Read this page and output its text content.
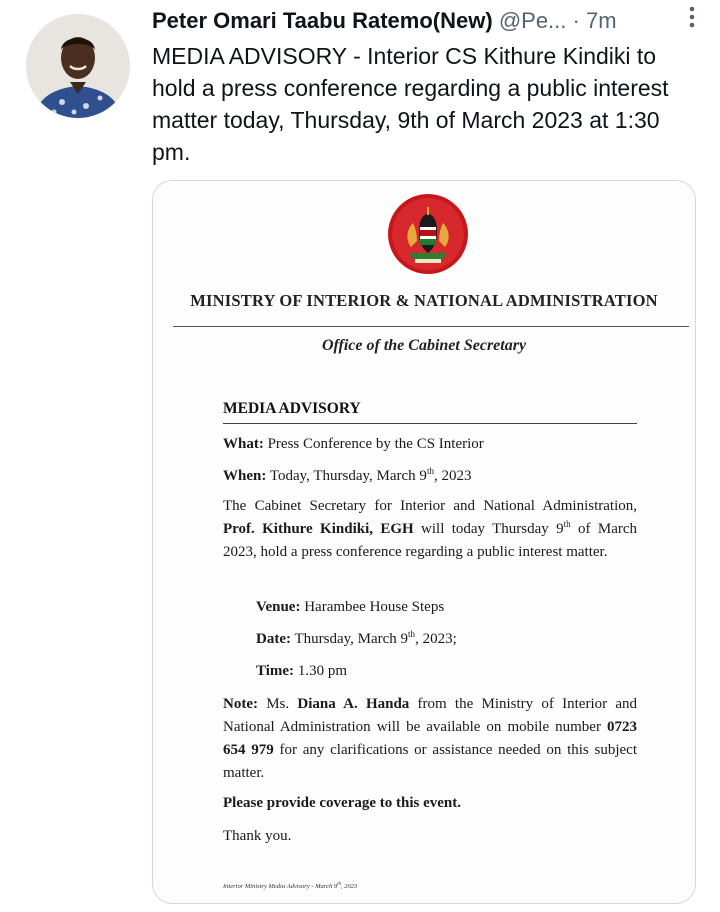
Peter Omari Taabu Ratemo(New) @Pe... · 7m
MEDIA ADVISORY - Interior CS Kithure Kindiki to hold a press conference regarding a public interest matter today, Thursday, 9th of March 2023 at 1:30 pm.
MINISTRY OF INTERIOR & NATIONAL ADMINISTRATION
Office of the Cabinet Secretary
MEDIA ADVISORY
What: Press Conference by the CS Interior
When: Today, Thursday, March 9th, 2023
The Cabinet Secretary for Interior and National Administration, Prof. Kithure Kindiki, EGH will today Thursday 9th of March 2023, hold a press conference regarding a public interest matter.
Venue: Harambee House Steps
Date: Thursday, March 9th, 2023;
Time: 1.30 pm
Note: Ms. Diana A. Handa from the Ministry of Interior and National Administration will be available on mobile number 0723 654 979 for any clarifications or assistance needed on this subject matter.
Please provide coverage to this event.
Thank you.
Interior Ministry Media Advisory - March 9th, 2023
